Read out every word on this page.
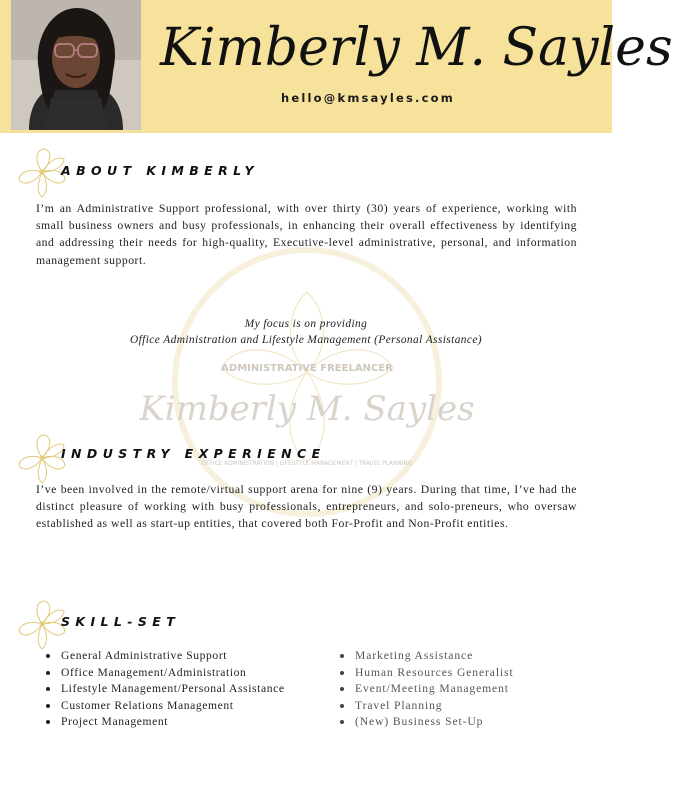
Kimberly M. Sayles
hello@kmsayles.com
ADMINISTRATIVE FREELANCER
Kimberly M. Sayles
OFFICE ADMINISTRATION | LIFESTYLE MANAGEMENT | TRAVEL PLANNING
ABOUT KIMBERLY
I’m an Administrative Support professional, with over thirty (30) years of experience, working with small business owners and busy professionals, in enhancing their overall effectiveness by identifying and addressing their needs for high-quality, Executive-level administrative, personal, and information management support.
My focus is on providing
Office Administration and Lifestyle Management (Personal Assistance)
INDUSTRY EXPERIENCE
I’ve been involved in the remote/virtual support arena for nine (9) years. During that time, I’ve had the distinct pleasure of working with busy professionals, entrepreneurs, and solo-preneurs, who oversaw established as well as start-up entities, that covered both For-Profit and Non-Profit entities.
SKILL-SET
General Administrative Support
Office Management/Administration
Lifestyle Management/Personal Assistance
Customer Relations Management
Project Management
Marketing Assistance
Human Resources Generalist
Event/Meeting Management
Travel Planning
(New) Business Set-Up
